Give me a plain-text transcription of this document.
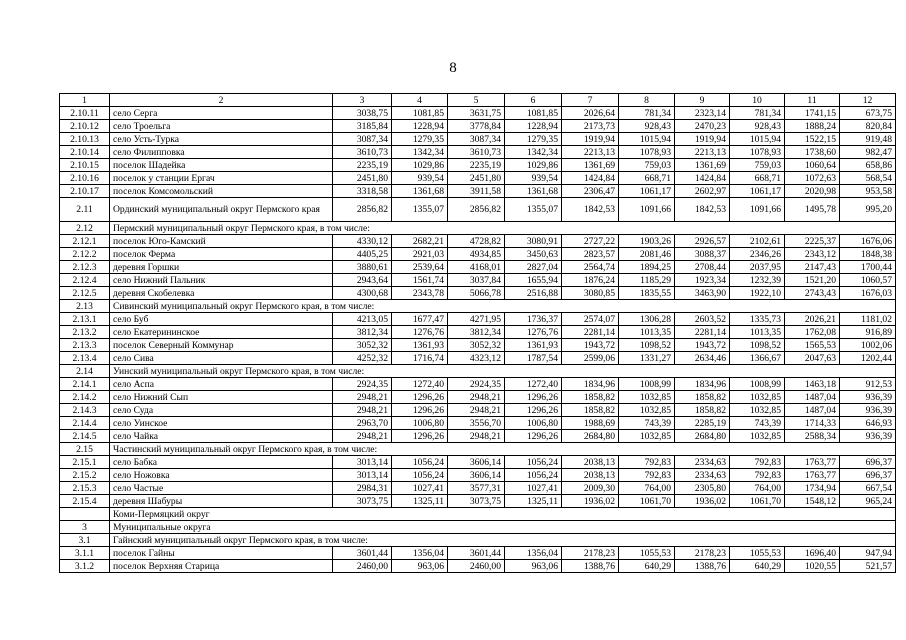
8
1	2	3	4	5	6	7	8	9	10	11	12
2.10.11	село Серга	3038,75	1081,85	3631,75	1081,85	2026,64	781,34	2323,14	781,34	1741,15	673,75
2.10.12	село Троельга	3185,84	1228,94	3778,84	1228,94	2173,73	928,43	2470,23	928,43	1888,24	820,84
2.10.13	село Усть-Турка	3087,34	1279,35	3087,34	1279,35	1919,94	1015,94	1919,94	1015,94	1522,15	919,48
2.10.14	село Филипповка	3610,73	1342,34	3610,73	1342,34	2213,13	1078,93	2213,13	1078,93	1738,60	982,47
2.10.15	поселок Шадейка	2235,19	1029,86	2235,19	1029,86	1361,69	759,03	1361,69	759,03	1060,64	658,86
2.10.16	поселок у станции Ергач	2451,80	939,54	2451,80	939,54	1424,84	668,71	1424,84	668,71	1072,63	568,54
2.10.17	поселок Комсомольский	3318,58	1361,68	3911,58	1361,68	2306,47	1061,17	2602,97	1061,17	2020,98	953,58
2.11	Ординский муниципальный округ Пермского края	2856,82	1355,07	2856,82	1355,07	1842,53	1091,66	1842,53	1091,66	1495,78	995,20
2.12	Пермский муниципальный округ Пермского края, в том числе:										
2.12.1	поселок Юго-Камский	4330,12	2682,21	4728,82	3080,91	2727,22	1903,26	2926,57	2102,61	2225,37	1676,06
2.12.2	поселок Ферма	4405,25	2921,03	4934,85	3450,63	2823,57	2081,46	3088,37	2346,26	2343,12	1848,38
2.12.3	деревня Горшки	3880,61	2539,64	4168,01	2827,04	2564,74	1894,25	2708,44	2037,95	2147,43	1700,44
2.12.4	село Нижний Пальник	2943,64	1561,74	3037,84	1655,94	1876,24	1185,29	1923,34	1232,39	1521,20	1060,57
2.12.5	деревня Скобелевка	4300,68	2343,78	5066,78	2516,88	3080,85	1835,55	3463,90	1922,10	2743,43	1676,03
2.13	Сивинский муниципальный округ Пермского края, в том числе:										
2.13.1	село Буб	4213,05	1677,47	4271,95	1736,37	2574,07	1306,28	2603,52	1335,73	2026,21	1181,02
2.13.2	село Екатерининское	3812,34	1276,76	3812,34	1276,76	2281,14	1013,35	2281,14	1013,35	1762,08	916,89
2.13.3	поселок Северный Коммунар	3052,32	1361,93	3052,32	1361,93	1943,72	1098,52	1943,72	1098,52	1565,53	1002,06
2.13.4	село Сива	4252,32	1716,74	4323,12	1787,54	2599,06	1331,27	2634,46	1366,67	2047,63	1202,44
2.14	Уинский муниципальный округ Пермского края, в том числе:										
2.14.1	село Аспа	2924,35	1272,40	2924,35	1272,40	1834,96	1008,99	1834,96	1008,99	1463,18	912,53
2.14.2	село Нижний Сып	2948,21	1296,26	2948,21	1296,26	1858,82	1032,85	1858,82	1032,85	1487,04	936,39
2.14.3	село Суда	2948,21	1296,26	2948,21	1296,26	1858,82	1032,85	1858,82	1032,85	1487,04	936,39
2.14.4	село Уинское	2963,70	1006,80	3556,70	1006,80	1988,69	743,39	2285,19	743,39	1714,33	646,93
2.14.5	село Чайка	2948,21	1296,26	2948,21	1296,26	2684,80	1032,85	2684,80	1032,85	2588,34	936,39
2.15	Частинский муниципальный округ Пермского края, в том числе:										
2.15.1	село Бабка	3013,14	1056,24	3606,14	1056,24	2038,13	792,83	2334,63	792,83	1763,77	696,37
2.15.2	село Ножовка	3013,14	1056,24	3606,14	1056,24	2038,13	792,83	2334,63	792,83	1763,77	696,37
2.15.3	село Частые	2984,31	1027,41	3577,31	1027,41	2009,30	764,00	2305,80	764,00	1734,94	667,54
2.15.4	деревня Шабуры	3073,75	1325,11	3073,75	1325,11	1936,02	1061,70	1936,02	1061,70	1548,12	965,24
	Коми-Пермяцкий округ										
3	Муниципальные округа										
3.1	Гайнский муниципальный округ Пермского края, в том числе:										
3.1.1	поселок Гайны	3601,44	1356,04	3601,44	1356,04	2178,23	1055,53	2178,23	1055,53	1696,40	947,94
3.1.2	поселок Верхняя Старица	2460,00	963,06	2460,00	963,06	1388,76	640,29	1388,76	640,29	1020,55	521,57
